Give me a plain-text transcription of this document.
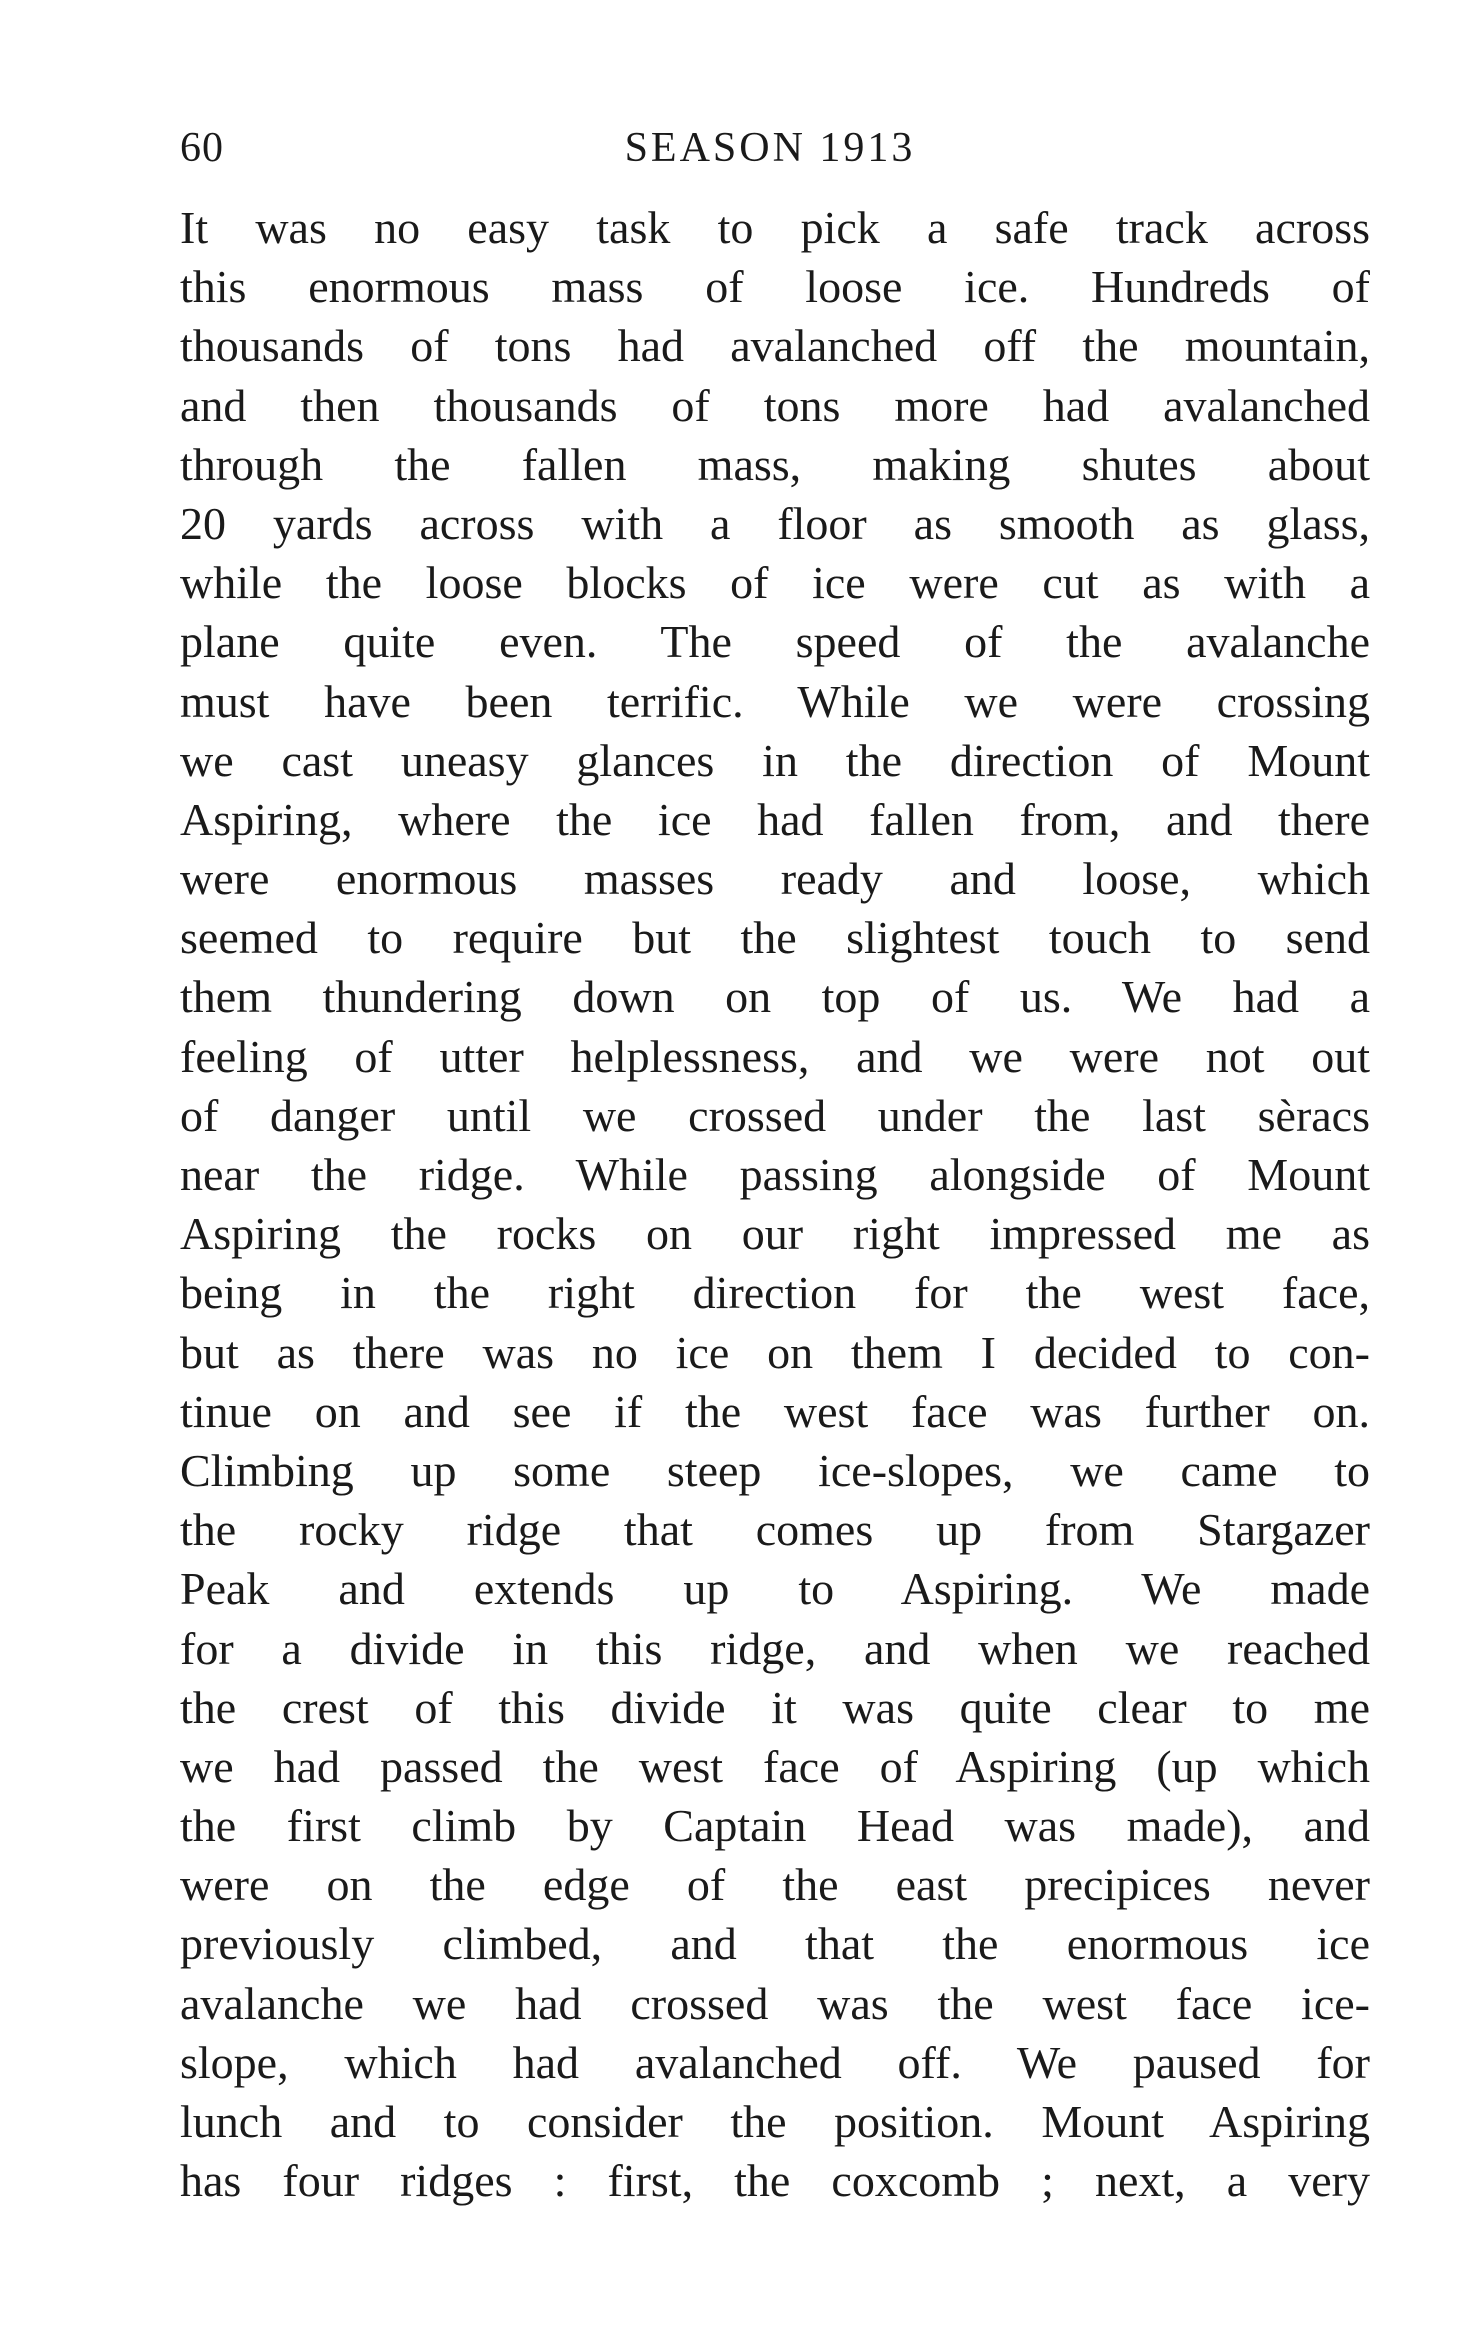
60	SEASON 1913
It was no easy task to pick a safe track across
this enormous mass of loose ice. Hundreds of
thousands of tons had avalanched off the mountain,
and then thousands of tons more had avalanched
through the fallen mass, making shutes about
20 yards across with a floor as smooth as glass,
while the loose blocks of ice were cut as with a
plane quite even. The speed of the avalanche
must have been terrific. While we were crossing
we cast uneasy glances in the direction of Mount
Aspiring, where the ice had fallen from, and there
were enormous masses ready and loose, which
seemed to require but the slightest touch to send
them thundering down on top of us. We had a
feeling of utter helplessness, and we were not out
of danger until we crossed under the last sèracs
near the ridge. While passing alongside of Mount
Aspiring the rocks on our right impressed me as
being in the right direction for the west face,
but as there was no ice on them I decided to con-
tinue on and see if the west face was further on.
Climbing up some steep ice-slopes, we came to
the rocky ridge that comes up from Stargazer
Peak and extends up to Aspiring. We made
for a divide in this ridge, and when we reached
the crest of this divide it was quite clear to me
we had passed the west face of Aspiring (up which
the first climb by Captain Head was made), and
were on the edge of the east precipices never
previously climbed, and that the enormous ice
avalanche we had crossed was the west face ice-
slope, which had avalanched off. We paused for
lunch and to consider the position. Mount Aspiring
has four ridges : first, the coxcomb ; next, a very
